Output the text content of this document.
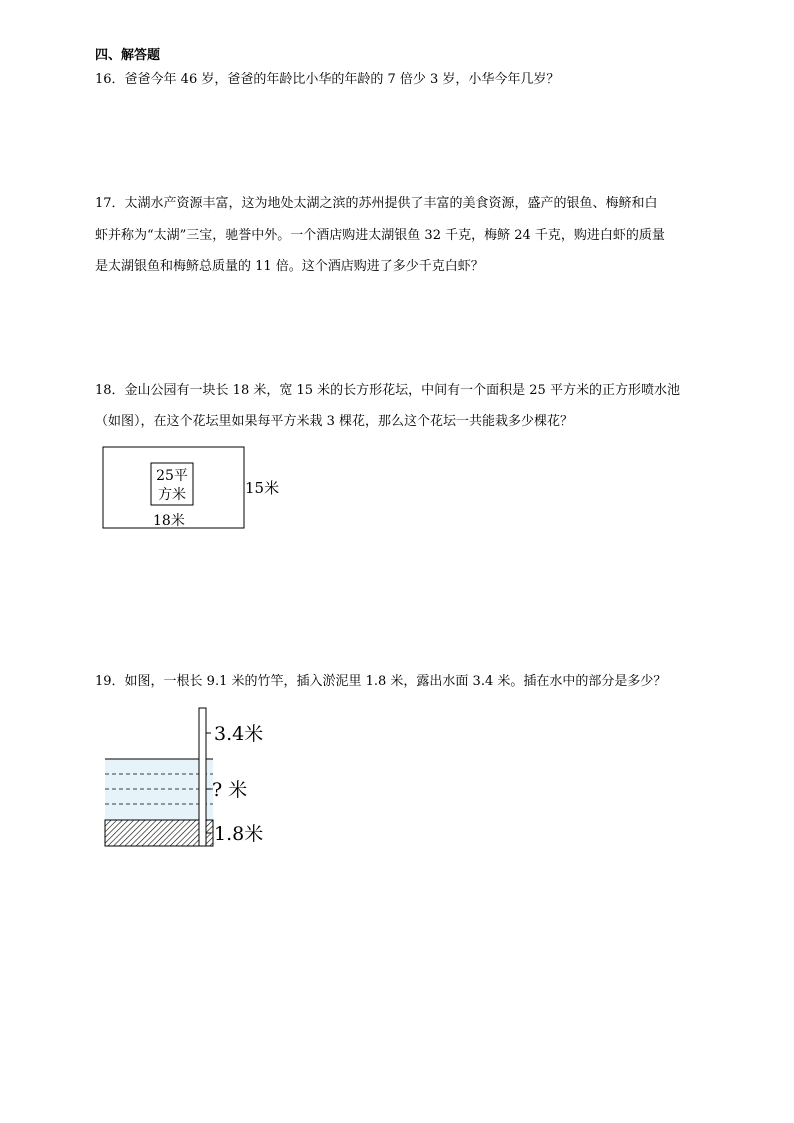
四、解答题
16．爸爸今年 46 岁，爸爸的年龄比小华的年龄的 7 倍少 3 岁，小华今年几岁？
17．太湖水产资源丰富，这为地处太湖之滨的苏州提供了丰富的美食资源，盛产的银鱼、梅鲚和白
虾并称为“太湖”三宝，驰誉中外。一个酒店购进太湖银鱼 32 千克，梅鲚 24 千克，购进白虾的质量
是太湖银鱼和梅鲚总质量的 11 倍。这个酒店购进了多少千克白虾？
18．金山公园有一块长 18 米，宽 15 米的长方形花坛，中间有一个面积是 25 平方米的正方形喷水池
（如图），在这个花坛里如果每平方米栽 3 棵花，那么这个花坛一共能栽多少棵花？
25平
方米	15米
18米
19．如图，一根长 9.1 米的竹竿，插入淤泥里 1.8 米，露出水面 3.4 米。插在水中的部分是多少？
3.4米
? 米
1.8米
